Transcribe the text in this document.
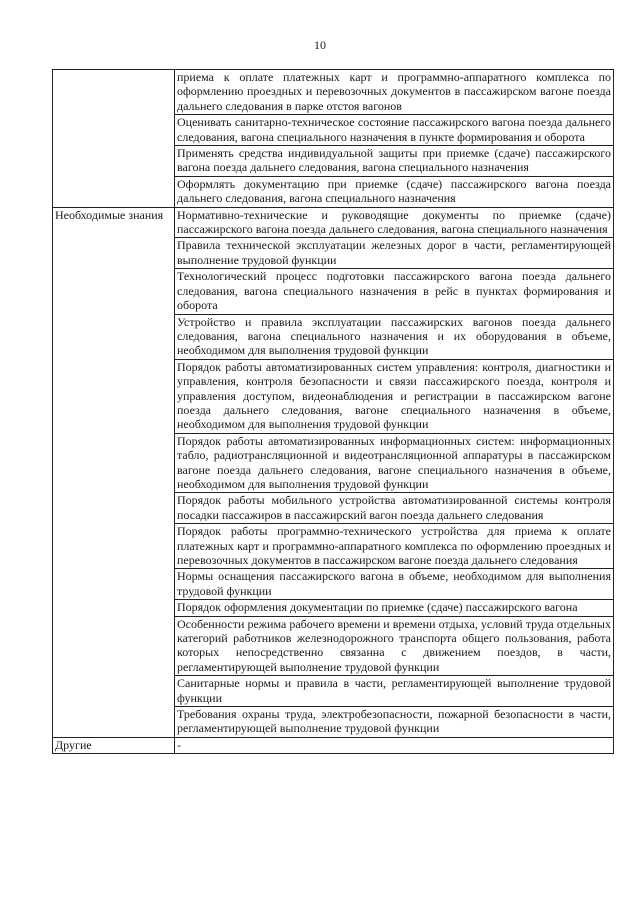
10
	приема к оплате платежных карт и программно-аппаратного комплекса по оформлению проездных и перевозочных документов в пассажирском вагоне поезда дальнего следования в парке отстоя вагонов
	Оценивать санитарно-техническое состояние пассажирского вагона поезда дальнего следования, вагона специального назначения в пункте формирования и оборота
	Применять средства индивидуальной защиты при приемке (сдаче) пассажирского вагона поезда дальнего следования, вагона специального назначения
	Оформлять документацию при приемке (сдаче) пассажирского вагона поезда дальнего следования, вагона специального назначения
Необходимые знания	Нормативно-технические и руководящие документы по приемке (сдаче) пассажирского вагона поезда дальнего следования, вагона специального назначения
	Правила технической эксплуатации железных дорог в части, регламентирующей выполнение трудовой функции
	Технологический процесс подготовки пассажирского вагона поезда дальнего следования, вагона специального назначения в рейс в пунктах формирования и оборота
	Устройство и правила эксплуатации пассажирских вагонов поезда дальнего следования, вагона специального назначения и их оборудования в объеме, необходимом для выполнения трудовой функции
	Порядок работы автоматизированных систем управления: контроля, диагностики и управления, контроля безопасности и связи пассажирского поезда, контроля и управления доступом, видеонаблюдения и регистрации в пассажирском вагоне поезда дальнего следования, вагоне специального назначения в объеме, необходимом для выполнения трудовой функции
	Порядок работы автоматизированных информационных систем: информационных табло, радиотрансляционной и видеотрансляционной аппаратуры в пассажирском вагоне поезда дальнего следования, вагоне специального назначения в объеме, необходимом для выполнения трудовой функции
	Порядок работы мобильного устройства автоматизированной системы контроля посадки пассажиров в пассажирский вагон поезда дальнего следования
	Порядок работы программно-технического устройства для приема к оплате платежных карт и программно-аппаратного комплекса по оформлению проездных и перевозочных документов в пассажирском вагоне поезда дальнего следования
	Нормы оснащения пассажирского вагона в объеме, необходимом для выполнения трудовой функции
	Порядок оформления документации по приемке (сдаче) пассажирского вагона
	Особенности режима рабочего времени и времени отдыха, условий труда отдельных категорий работников железнодорожного транспорта общего пользования, работа которых непосредственно связанна с движением поездов, в части, регламентирующей выполнение трудовой функции
	Санитарные нормы и правила в части, регламентирующей выполнение трудовой функции
	Требования охраны труда, электробезопасности, пожарной безопасности в части, регламентирующей выполнение трудовой функции
Другие	-
